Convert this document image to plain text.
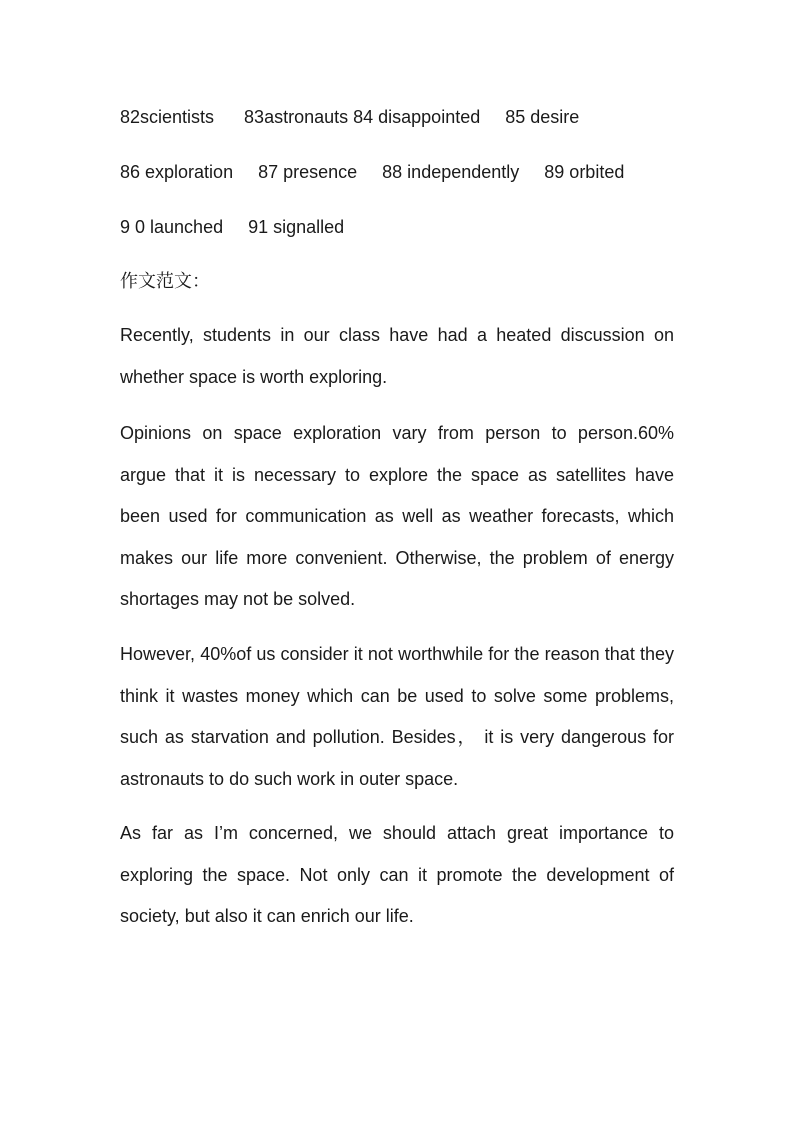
82scientists      83astronauts 84 disappointed     85 desire
86 exploration     87 presence     88 independently     89 orbited
9 0 launched     91 signalled
作文范文：

Recently, students in our class have had a heated discussion on whether space is worth exploring.

Opinions on space exploration vary from person to person.60% argue that it is necessary to explore the space as satellites have been used for communication as well as weather forecasts, which makes our life more convenient. Otherwise, the problem of energy shortages may not be solved.

However, 40%of us consider it not worthwhile for the reason that they think it wastes money which can be used to solve some problems, such as starvation and pollution. Besides， it is very dangerous for astronauts to do such work in outer space.

As far as I’m concerned, we should attach great importance to exploring the space. Not only can it promote the development of society, but also it can enrich our life.
